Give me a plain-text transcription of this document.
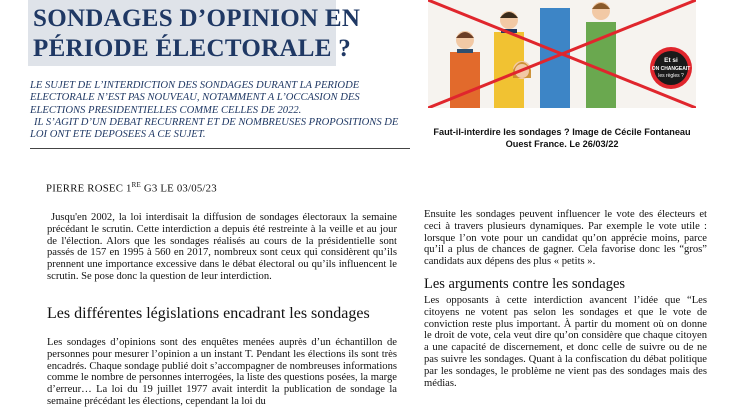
SONDAGES D’OPINION EN
PÉRIODE ÉLECTORALE ?

LE SUJET DE L’INTERDICTION DES SONDAGES DURANT LA PERIODE ELECTORALE N’EST PAS NOUVEAU, NOTAMMENT A L’OCCASION DES ELECTIONS PRESIDENTIELLES COMME CELLES DE 2022.

IL S’AGIT D’UN DEBAT RECURRENT ET DE NOMBREUSES PROPOSITIONS DE LOI ONT ETE DEPOSEES A CE SUJET.

Et si
ON CHANGEAIT
les règles ?
Faut-il-interdire les sondages ? Image de Cécile Fontaneau
Ouest France. Le 26/03/22

PIERRE ROSEC 1RE G3 LE 03/05/23

Jusqu'en 2002, la loi interdisait la diffusion de sondages électoraux la semaine précédant le scrutin. Cette interdiction a depuis été restreinte à la veille et au jour de l'élection. Alors que les sondages réalisés au cours de la présidentielle sont passés de 157 en 1995 à 560 en 2017, nombreux sont ceux qui considèrent qu’ils prennent une importance excessive dans le débat électoral ou qu’ils influencent le scrutin. Se pose donc la question de leur interdiction.

Les différentes législations encadrant les sondages

Les sondages d’opinions sont des enquêtes menées auprès d’un échantillon de personnes pour mesurer l’opinion a un instant T. Pendant les élections ils sont très encadrés. Chaque sondage publié doit s’accompagner de nombreuses informations comme le nombre de personnes interrogées, la liste des questions posées, la marge d’erreur… La loi du 19 juillet 1977 avait interdit la publication de sondage la semaine précédant les élections, cependant la loi du

Ensuite les sondages peuvent influencer le vote des électeurs et ceci à travers plusieurs dynamiques. Par exemple le vote utile : lorsque l’on vote pour un candidat qu’on apprécie moins, parce qu’il a plus de chances de gagner. Cela favorise donc les “gros” candidats aux dépens des plus « petits ».

Les arguments contre les sondages

Les opposants à cette interdiction avancent l’idée que “Les citoyens ne votent pas selon les sondages et que le vote de conviction reste plus important. À partir du moment où on donne le droit de vote, cela veut dire qu’on considère que chaque citoyen a une capacité de discernement, et donc celle de suivre ou de ne pas suivre les sondages. Quant à la confiscation du débat politique par les sondages, le problème ne vient pas des sondages mais des médias.
